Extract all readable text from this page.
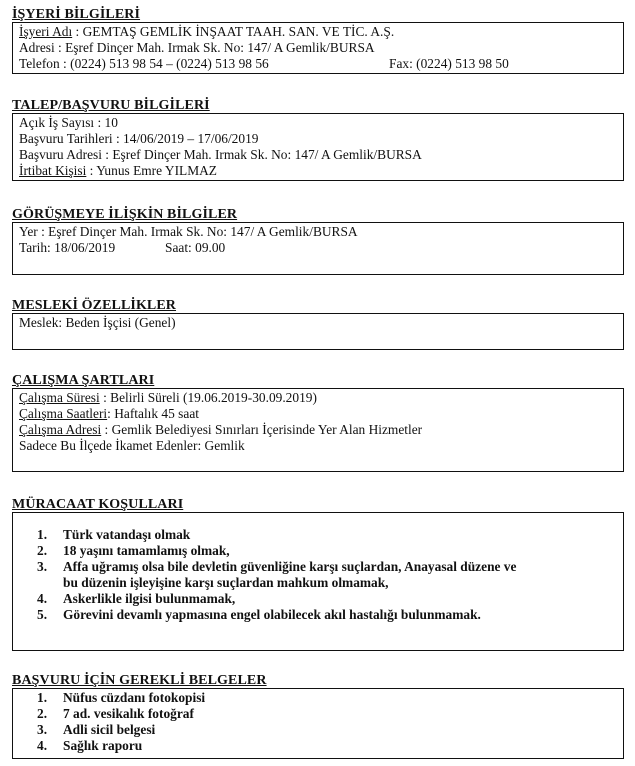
İŞYERİ BİLGİLERİ
İşyeri Adı : GEMTAŞ GEMLİK İNŞAAT TAAH. SAN. VE TİC. A.Ş.
Adresi : Eşref Dinçer Mah. Irmak Sk. No: 147/ A Gemlik/BURSA
Telefon : (0224) 513 98 54 – (0224) 513 98 56	Fax: (0224) 513 98 50
TALEP/BAŞVURU BİLGİLERİ
Açık İş Sayısı : 10
Başvuru Tarihleri : 14/06/2019 – 17/06/2019
Başvuru Adresi : Eşref Dinçer Mah. Irmak Sk. No: 147/ A Gemlik/BURSA
İrtibat Kişisi : Yunus Emre YILMAZ
GÖRÜŞMEYE İLİŞKİN BİLGİLER
Yer : Eşref Dinçer Mah. Irmak Sk. No: 147/ A Gemlik/BURSA
Tarih: 18/06/2019	Saat: 09.00
MESLEKİ ÖZELLİKLER
Meslek: Beden İşçisi (Genel)
ÇALIŞMA ŞARTLARI
Çalışma Süresi : Belirli Süreli (19.06.2019-30.09.2019)
Çalışma Saatleri: Haftalık 45 saat
Çalışma Adresi : Gemlik Belediyesi Sınırları İçerisinde Yer Alan Hizmetler
Sadece Bu İlçede İkamet Edenler: Gemlik
MÜRACAAT KOŞULLARI
1. Türk vatandaşı olmak
2. 18 yaşını tamamlamış olmak,
3. Affa uğramış olsa bile devletin güvenliğine karşı suçlardan, Anayasal düzene ve
bu düzenin işleyişine karşı suçlardan mahkum olmamak,
4. Askerlikle ilgisi bulunmamak,
5. Görevini devamlı yapmasına engel olabilecek akıl hastalığı bulunmamak.
BAŞVURU İÇİN GEREKLİ BELGELER
1. Nüfus cüzdanı fotokopisi
2. 7 ad. vesikalık fotoğraf
3. Adli sicil belgesi
4. Sağlık raporu
